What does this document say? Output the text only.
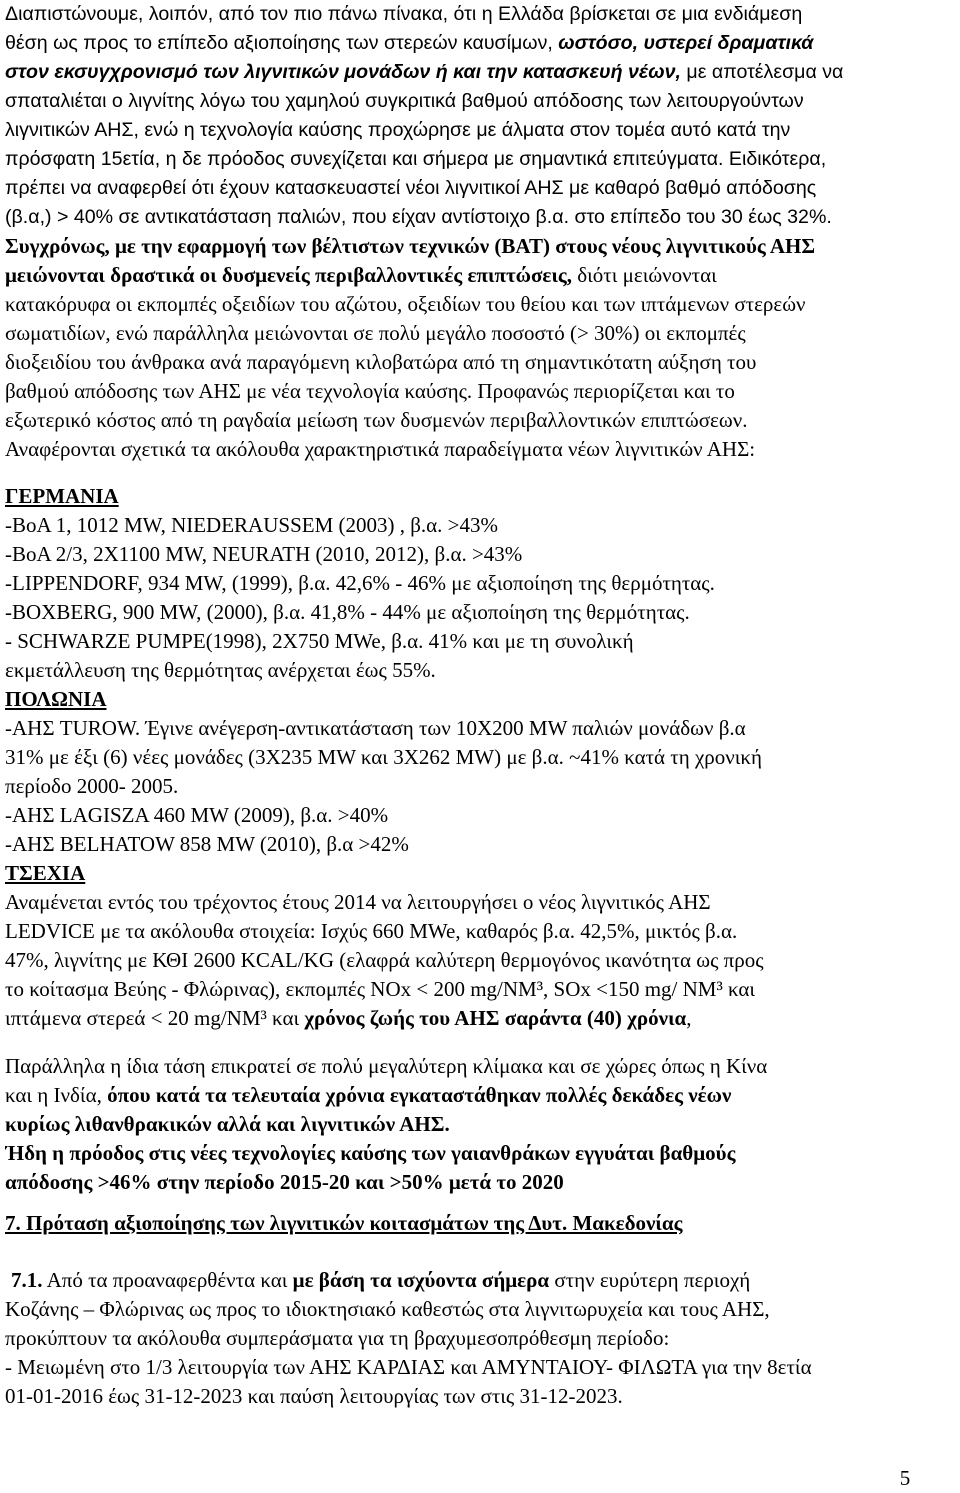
Διαπιστώνουμε, λοιπόν, από τον πιο πάνω πίνακα, ότι η Ελλάδα βρίσκεται σε μια ενδιάμεση
θέση ως προς το επίπεδο αξιοποίησης των στερεών καυσίμων, ωστόσο, υστερεί δραματικά
στον εκσυγχρονισμό των λιγνιτικών μονάδων ή και την κατασκευή νέων, με αποτέλεσμα να
σπαταλιέται ο λιγνίτης λόγω του χαμηλού συγκριτικά βαθμού απόδοσης των λειτουργούντων
λιγνιτικών ΑΗΣ, ενώ η τεχνολογία καύσης προχώρησε με άλματα στον τομέα αυτό κατά την
πρόσφατη 15ετία, η δε πρόοδος συνεχίζεται και σήμερα με σημαντικά επιτεύγματα. Ειδικότερα,
πρέπει να αναφερθεί ότι έχουν κατασκευαστεί νέοι λιγνιτικοί ΑΗΣ με καθαρό βαθμό απόδοσης
(β.α,) > 40% σε αντικατάσταση παλιών, που είχαν αντίστοιχο β.α. στο επίπεδο του 30 έως 32%.
Συγχρόνως, με την εφαρμογή των βέλτιστων τεχνικών (BAT) στους νέους λιγνιτικούς ΑΗΣ
μειώνονται δραστικά οι δυσμενείς περιβαλλοντικές επιπτώσεις, διότι μειώνονται
κατακόρυφα οι εκπομπές οξειδίων του αζώτου, οξειδίων του θείου και των ιπτάμενων στερεών
σωματιδίων, ενώ παράλληλα μειώνονται σε πολύ μεγάλο ποσοστό (> 30%) οι εκπομπές
διοξειδίου του άνθρακα ανά παραγόμενη κιλοβατώρα από τη σημαντικότατη αύξηση του
βαθμού απόδοσης των ΑΗΣ με νέα τεχνολογία καύσης. Προφανώς περιορίζεται και το
εξωτερικό κόστος από τη ραγδαία μείωση των δυσμενών περιβαλλοντικών επιπτώσεων.
Αναφέρονται σχετικά τα ακόλουθα χαρακτηριστικά παραδείγματα νέων λιγνιτικών ΑΗΣ:
ΓΕΡΜΑΝΙΑ
-BoA 1, 1012 MW, NIEDERAUSSEM (2003) , β.α. >43%
-BoA 2/3, 2X1100 MW, NEURATH (2010, 2012), β.α. >43%
-LIPPENDORF, 934 MW, (1999), β.α. 42,6% - 46% με αξιοποίηση της θερμότητας.
-BOXBERG, 900 MW, (2000), β.α. 41,8% - 44% με αξιοποίηση της θερμότητας.
- SCHWARZE PUMPE(1998), 2X750 MWe, β.α. 41% και με τη συνολική
εκμετάλλευση της θερμότητας ανέρχεται έως 55%.
ΠΟΛΩΝΙΑ
-ΑΗΣ TUROW. Έγινε ανέγερση-αντικατάσταση των 10Χ200 MW παλιών μονάδων β.α
31% με έξι (6) νέες μονάδες (3Χ235 MW και 3Χ262 MW) με β.α. ~41% κατά τη χρονική
περίοδο 2000- 2005.
-ΑΗΣ LAGISZA 460 MW (2009), β.α. >40%
-ΑΗΣ BELHATOW 858 MW (2010), β.α >42%
ΤΣΕΧΙΑ
Αναμένεται εντός του τρέχοντος έτους 2014 να λειτουργήσει ο νέος λιγνιτικός ΑΗΣ
LEDVICE με τα ακόλουθα στοιχεία: Ισχύς 660 MWe, καθαρός β.α. 42,5%, μικτός β.α.
47%, λιγνίτης με ΚΘΙ 2600 KCAL/KG (ελαφρά καλύτερη θερμογόνος ικανότητα ως προς
το κοίτασμα Βεύης - Φλώρινας), εκπομπές NOx < 200 mg/NM³, SOx <150 mg/ NM³ και
ιπτάμενα στερεά < 20 mg/NM³ και χρόνος ζωής του ΑΗΣ σαράντα (40) χρόνια,
Παράλληλα η ίδια τάση επικρατεί σε πολύ μεγαλύτερη κλίμακα και σε χώρες όπως η Κίνα
και η Ινδία, όπου κατά τα τελευταία χρόνια εγκαταστάθηκαν πολλές δεκάδες νέων
κυρίως λιθανθρακικών αλλά και λιγνιτικών ΑΗΣ.
Ήδη η πρόοδος στις νέες τεχνολογίες καύσης των γαιανθράκων εγγυάται βαθμούς
απόδοσης >46% στην περίοδο 2015-20 και >50% μετά το 2020
7. Πρόταση αξιοποίησης των λιγνιτικών κοιτασμάτων της Δυτ. Μακεδονίας
7.1. Από τα προαναφερθέντα και με βάση τα ισχύοντα σήμερα στην ευρύτερη περιοχή
Κοζάνης – Φλώρινας ως προς το ιδιοκτησιακό καθεστώς στα λιγνιτωρυχεία και τους ΑΗΣ,
προκύπτουν τα ακόλουθα συμπεράσματα για τη βραχυμεσοπρόθεσμη περίοδο:
- Μειωμένη στο 1/3 λειτουργία των ΑΗΣ ΚΑΡΔΙΑΣ και ΑΜΥΝΤΑΙΟΥ- ΦΙΛΩΤΑ για την 8ετία
01-01-2016 έως 31-12-2023 και παύση λειτουργίας των στις 31-12-2023.
5
